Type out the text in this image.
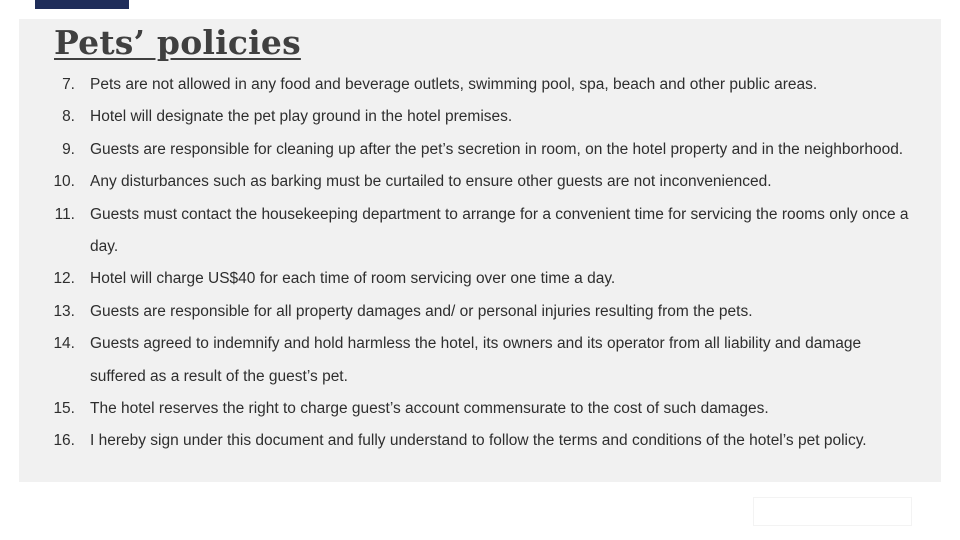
Pets’ policies
7. Pets are not allowed in any food and beverage outlets, swimming pool, spa, beach and other public areas.
8. Hotel will designate the pet play ground in the hotel premises.
9. Guests are responsible for cleaning up after the pet’s secretion in room, on the hotel property and in the neighborhood.
10. Any disturbances such as barking must be curtailed to ensure other guests are not inconvenienced.
11. Guests must contact the housekeeping department to arrange for a convenient time for servicing the rooms only once a day.
12. Hotel will charge US$40 for each time of room servicing over one time a day.
13. Guests are responsible for all property damages and/ or personal injuries resulting from the pets.
14. Guests agreed to indemnify and hold harmless the hotel, its owners and its operator from all liability and damage suffered as a result of the guest’s pet.
15. The hotel reserves the right to charge guest’s account commensurate to the cost of such damages.
16. I hereby sign under this document and fully understand to follow the terms and conditions of the hotel’s pet policy.
